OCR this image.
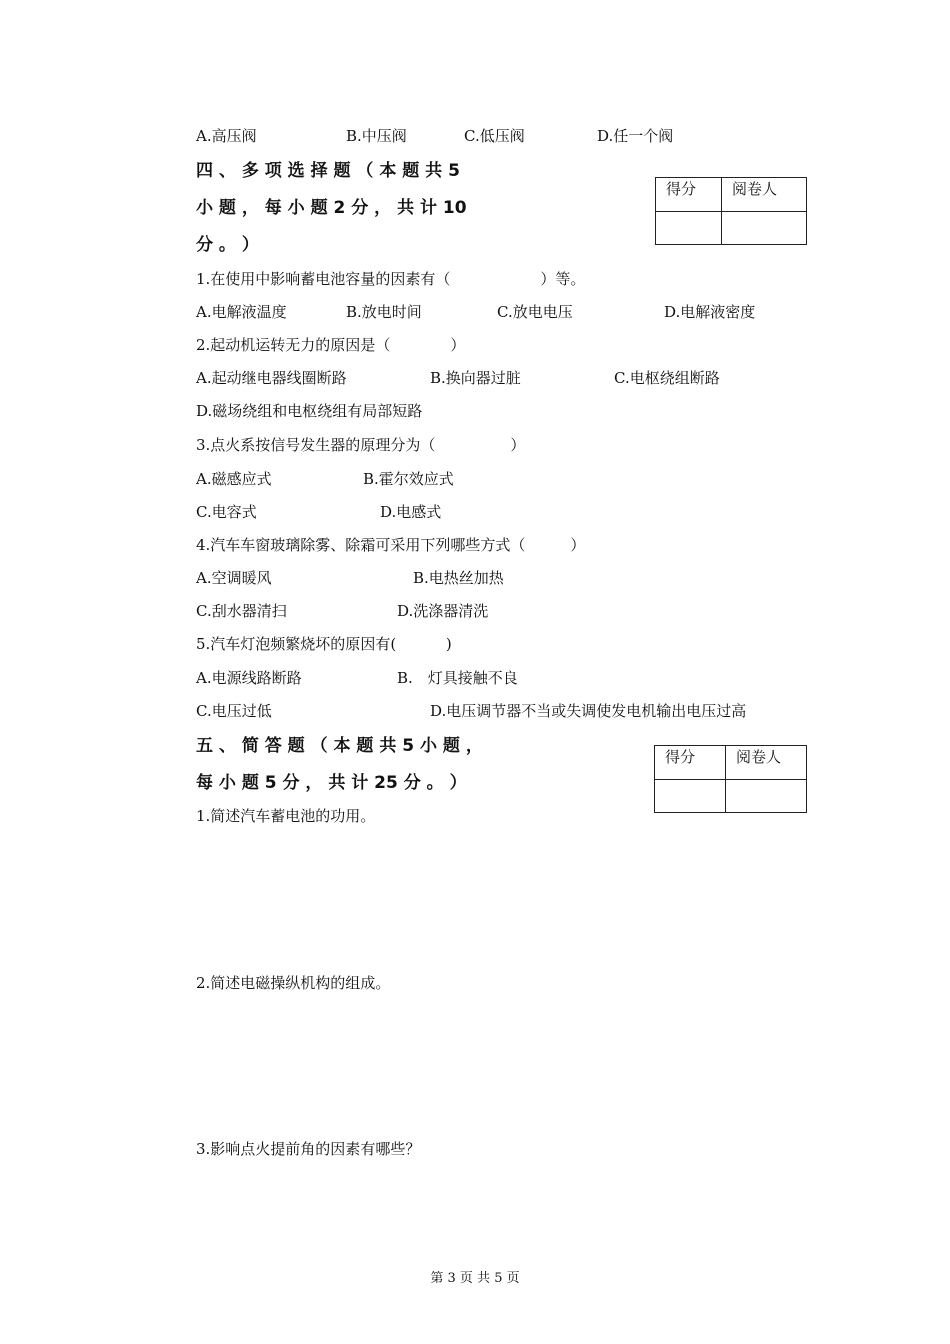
A.高压阀	B.中压阀	C.低压阀	D.任一个阀
四 、 多 项 选 择 题 （ 本 题 共 5
小 题 ， 每 小 题 2 分 ， 共 计 10
分 。 ）
得分	阅卷人

1.在使用中影响蓄电池容量的因素有（　　　　　　）等。
A.电解液温度	B.放电时间	C.放电电压	D.电解液密度
2.起动机运转无力的原因是（　　　　）
A.起动继电器线圈断路	B.换向器过脏	C.电枢绕组断路
D.磁场绕组和电枢绕组有局部短路
3.点火系按信号发生器的原理分为（　　　　　）
A.磁感应式	B.霍尔效应式
C.电容式	D.电感式
4.汽车车窗玻璃除雾、除霜可采用下列哪些方式（　　　）
A.空调暖风	B.电热丝加热
C.刮水器清扫	D.洗涤器清洗
5.汽车灯泡频繁烧坏的原因有(　　　 )
A.电源线路断路	B.　灯具接触不良
C.电压过低	D.电压调节器不当或失调使发电机输出电压过高
五 、 简 答 题 （ 本 题 共 5 小 题 ，
每 小 题 5 分 ， 共 计 25 分 。 ）
得分	阅卷人

1.简述汽车蓄电池的功用。
2.简述电磁操纵机构的组成。
3.影响点火提前角的因素有哪些？
第 3 页 共 5 页
